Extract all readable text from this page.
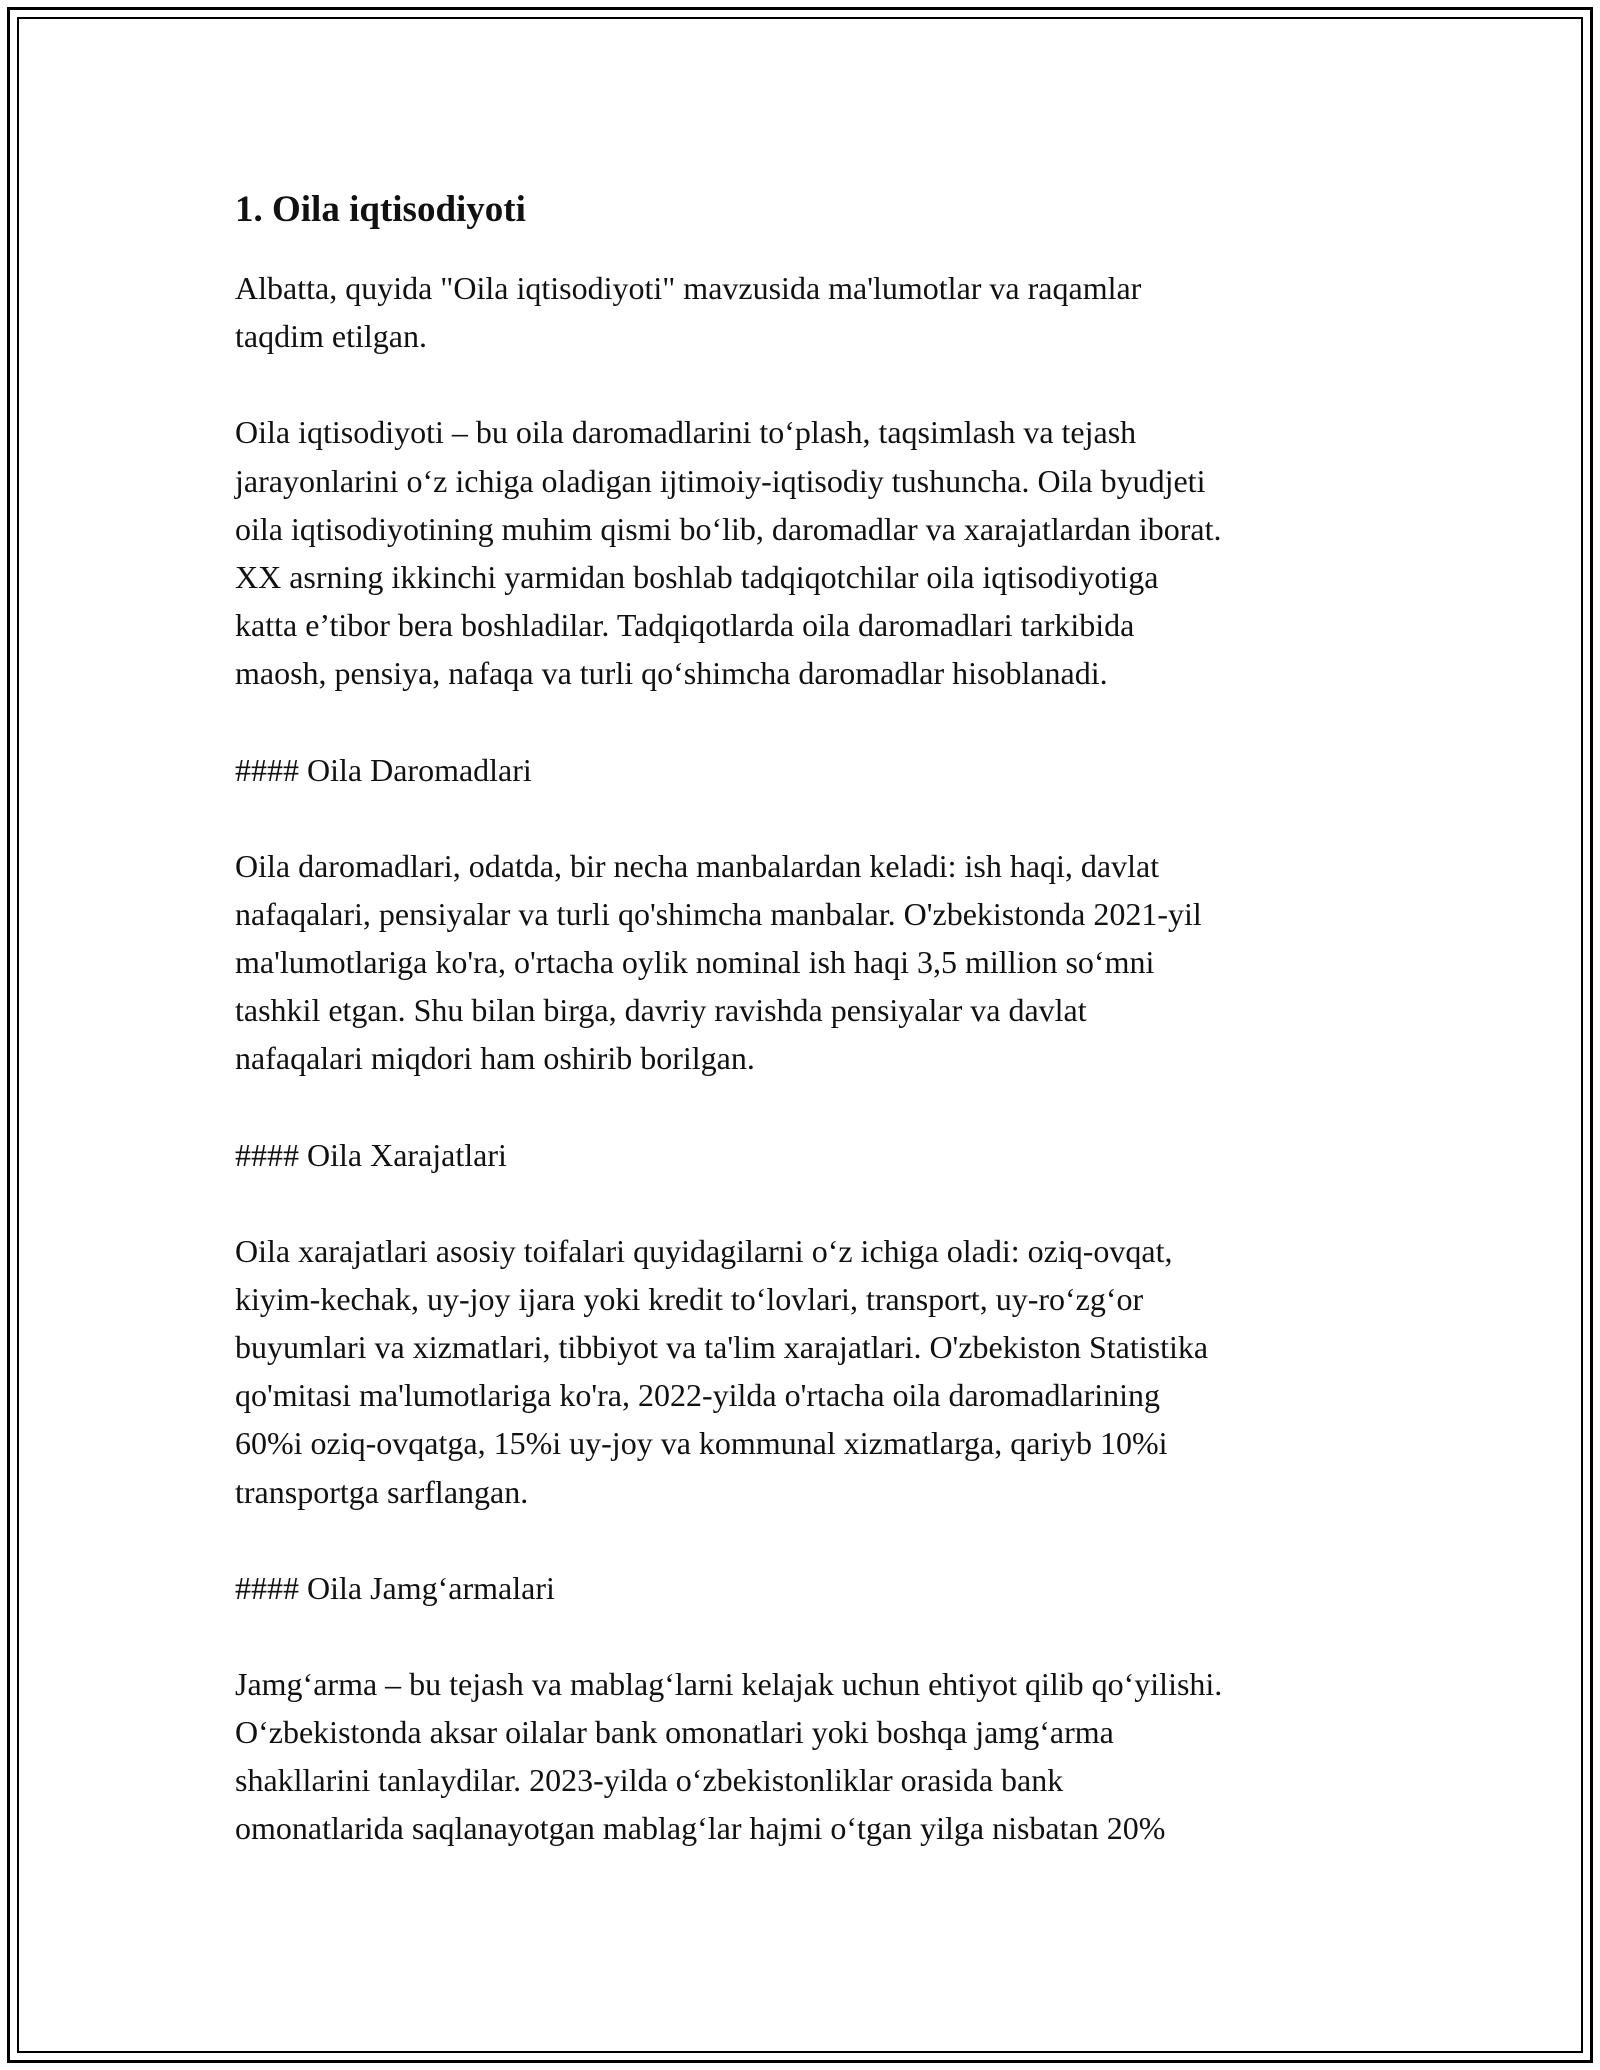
1. Oila iqtisodiyoti
Albatta, quyida "Oila iqtisodiyoti" mavzusida ma'lumotlar va raqamlar
taqdim etilgan.
Oila iqtisodiyoti – bu oila daromadlarini to‘plash, taqsimlash va tejash
jarayonlarini o‘z ichiga oladigan ijtimoiy-iqtisodiy tushuncha. Oila byudjeti
oila iqtisodiyotining muhim qismi bo‘lib, daromadlar va xarajatlardan iborat.
XX asrning ikkinchi yarmidan boshlab tadqiqotchilar oila iqtisodiyotiga
katta e’tibor bera boshladilar. Tadqiqotlarda oila daromadlari tarkibida
maosh, pensiya, nafaqa va turli qo‘shimcha daromadlar hisoblanadi.
#### Oila Daromadlari
Oila daromadlari, odatda, bir necha manbalardan keladi: ish haqi, davlat
nafaqalari, pensiyalar va turli qo'shimcha manbalar. O'zbekistonda 2021-yil
ma'lumotlariga ko'ra, o'rtacha oylik nominal ish haqi 3,5 million so‘mni
tashkil etgan. Shu bilan birga, davriy ravishda pensiyalar va davlat
nafaqalari miqdori ham oshirib borilgan.
#### Oila Xarajatlari
Oila xarajatlari asosiy toifalari quyidagilarni o‘z ichiga oladi: oziq-ovqat,
kiyim-kechak, uy-joy ijara yoki kredit to‘lovlari, transport, uy-ro‘zg‘or
buyumlari va xizmatlari, tibbiyot va ta'lim xarajatlari. O'zbekiston Statistika
qo'mitasi ma'lumotlariga ko'ra, 2022-yilda o'rtacha oila daromadlarining
60%i oziq-ovqatga, 15%i uy-joy va kommunal xizmatlarga, qariyb 10%i
transportga sarflangan.
#### Oila Jamg‘armalari
Jamg‘arma – bu tejash va mablag‘larni kelajak uchun ehtiyot qilib qo‘yilishi.
O‘zbekistonda aksar oilalar bank omonatlari yoki boshqa jamg‘arma
shakllarini tanlaydilar. 2023-yilda o‘zbekistonliklar orasida bank
omonatlarida saqlanayotgan mablag‘lar hajmi o‘tgan yilga nisbatan 20%
